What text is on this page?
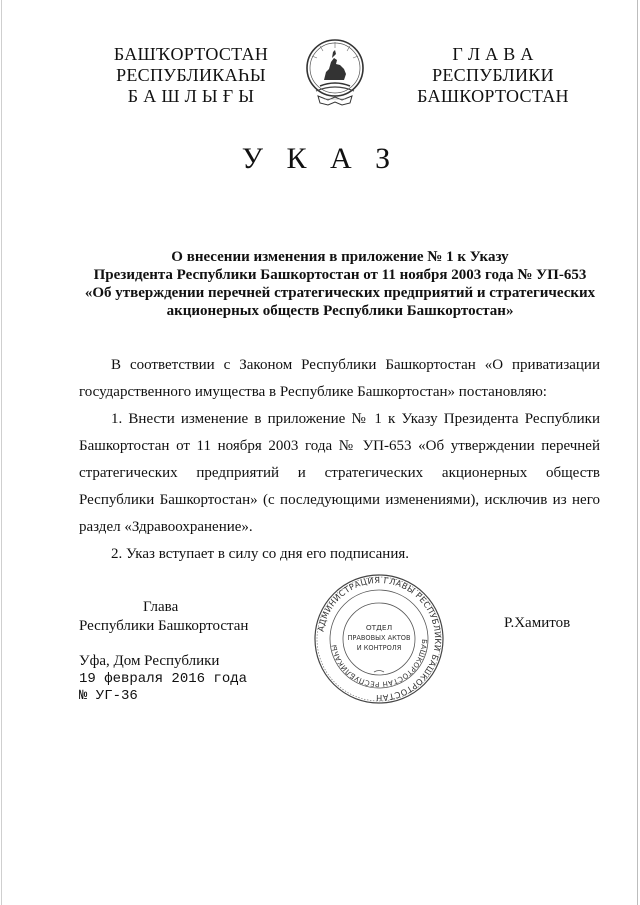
БАШҠОРТОСТАН
РЕСПУБЛИКАҺЫ
Б А Ш Л Ы Ғ Ы
Г Л А В А
РЕСПУБЛИКИ
БАШКОРТОСТАН
У К А З
О внесении изменения в приложение № 1 к Указу
Президента Республики Башкортостан от 11 ноября 2003 года № УП-653
«Об утверждении перечней стратегических предприятий и стратегических
акционерных обществ Республики Башкортостан»

В соответствии с Законом Республики Башкортостан «О приватизации государственного имущества в Республике Башкортостан» постановляю:

1. Внести изменение в приложение № 1 к Указу Президента Республики Башкортостан от 11 ноября 2003 года № УП-653 «Об утверждении перечней стратегических предприятий и стратегических акционерных обществ Республики Башкортостан» (с последующими изменениями), исключив из него раздел «Здравоохранение».

2. Указ вступает в силу со дня его подписания.

Глава
Республики Башкортостан	АДМИНИСТРАЦИЯ ГЛАВЫ РЕСПУБЛИКИ БАШКОРТОСТАН
БАШКОРТОСТАН РЕСПУБЛИКАҺЫ
ОТДЕЛ
ПРАВОВЫХ АКТОВ
И КОНТРОЛЯ
Р.Хамитов
Уфа, Дом Республики
19 февраля 2016 года
№ УГ-36
